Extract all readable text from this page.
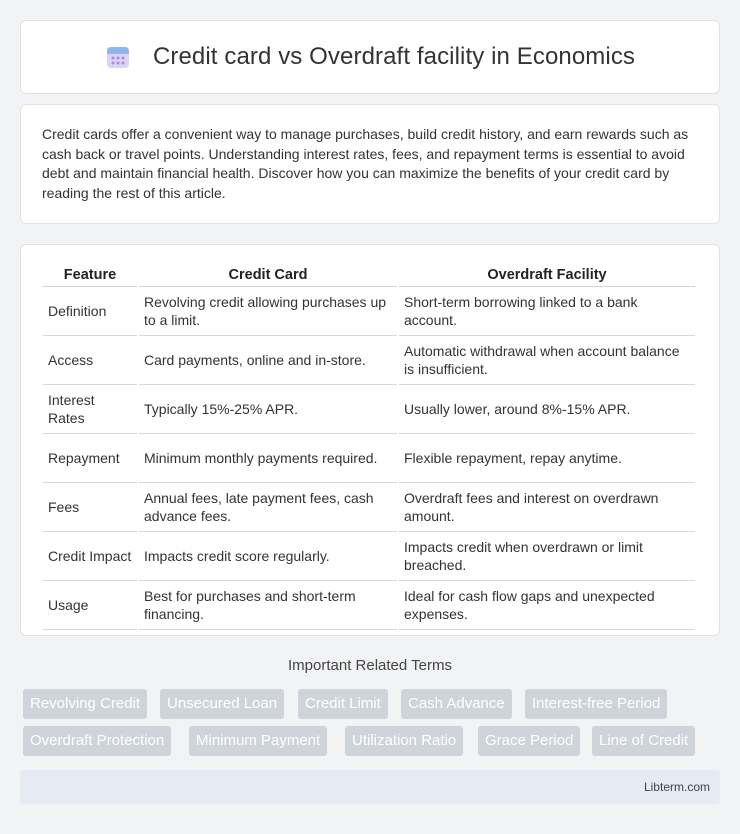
Credit card vs Overdraft facility in Economics

Credit cards offer a convenient way to manage purchases, build credit history, and earn rewards such as cash back or travel points. Understanding interest rates, fees, and repayment terms is essential to avoid debt and maintain financial health. Discover how you can maximize the benefits of your credit card by reading the rest of this article.

Feature	Credit Card	Overdraft Facility
Definition	Revolving credit allowing purchases up to a limit.	Short-term borrowing linked to a bank account.
Access	Card payments, online and in-store.	Automatic withdrawal when account balance is insufficient.
Interest Rates	Typically 15%-25% APR.	Usually lower, around 8%-15% APR.
Repayment	Minimum monthly payments required.	Flexible repayment, repay anytime.
Fees	Annual fees, late payment fees, cash advance fees.	Overdraft fees and interest on overdrawn amount.
Credit Impact	Impacts credit score regularly.	Impacts credit when overdrawn or limit breached.
Usage	Best for purchases and short-term financing.	Ideal for cash flow gaps and unexpected expenses.
Important Related Terms
Revolving Credit	Unsecured Loan	Credit Limit	Cash Advance	Interest-free Period
Overdraft Protection	Minimum Payment	Utilization Ratio	Grace Period	Line of Credit
Libterm.com
